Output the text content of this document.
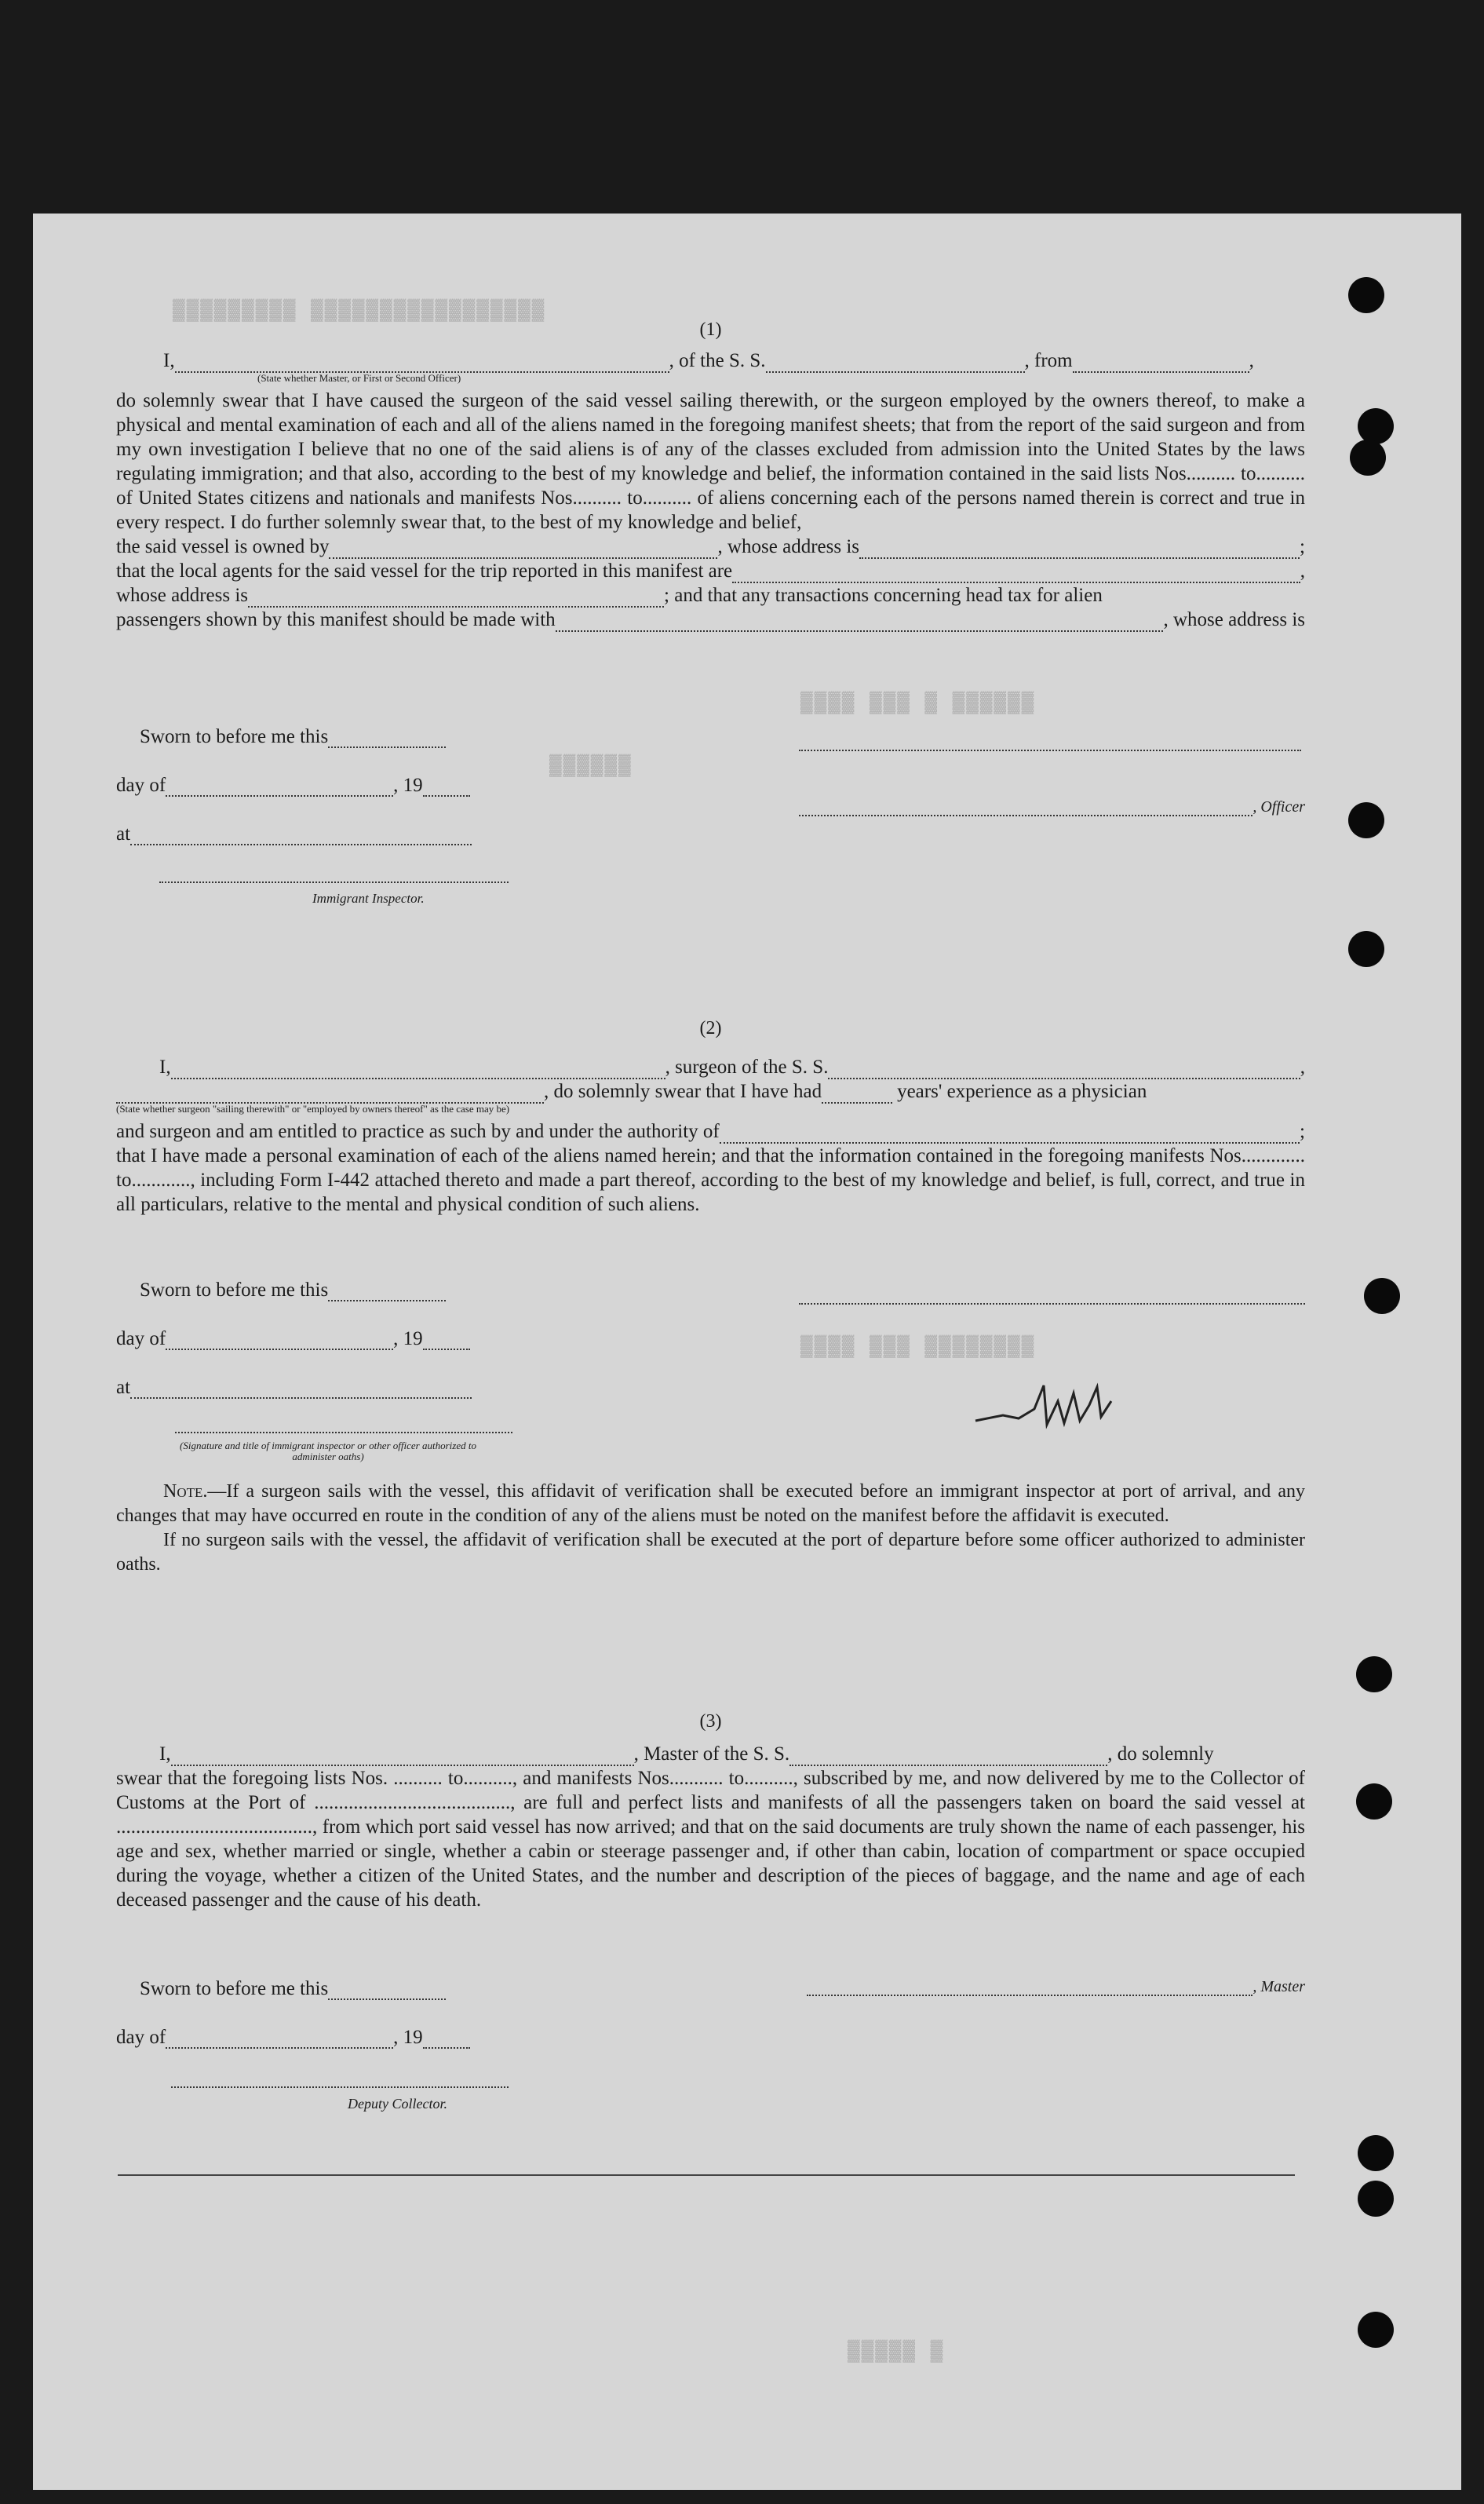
▓▓▓▓▓▓▓▓▓ ▓▓▓▓▓▓▓▓▓▓▓▓▓▓▓▓▓
▓▓▓▓ ▓▓▓ ▓ ▓▓▓▓▓▓
▓▓▓▓▓▓
▓▓▓▓ ▓▓▓ ▓▓▓▓▓▓▓▓
▓▓▓▓▓ ▓

(1)

I,	, of the S. S.	, from	,
(State whether Master, or First or Second Officer)

do solemnly swear that I have caused the surgeon of the said vessel sailing therewith, or the surgeon employed by the owners thereof, to make a physical and mental examination of each and all of the aliens named in the foregoing manifest sheets; that from the report of the said surgeon and from my own investigation I believe that no one of the said aliens is of any of the classes excluded from admission into the United States by the laws regulating immigration; and that also, according to the best of my knowledge and belief, the information contained in the said lists Nos.......... to.......... of United States citizens and nationals and manifests Nos.......... to.......... of aliens concerning each of the persons named therein is correct and true in every respect. I do further solemnly swear that, to the best of my knowledge and belief,

the said vessel is owned by	, whose address is	;
that the local agents for the said vessel for the trip reported in this manifest are	,
whose address is	; and that any transactions concerning head tax for alien
passengers shown by this manifest should be made with	, whose address is
Sworn to before me this
day of	, 19
, Officer
at
Immigrant Inspector.

(2)

I,	, surgeon of the S. S.	,
, do solemnly swear that I have had	years' experience as a physician
(State whether surgeon "sailing therewith" or "employed by owners thereof" as the case may be)
and surgeon and am entitled to practice as such by and under the authority of	;

that I have made a personal examination of each of the aliens named herein; and that the information contained in the foregoing manifests Nos............. to............, including Form I-442 attached thereto and made a part thereof, according to the best of my knowledge and belief, is full, correct, and true in all particulars, relative to the mental and physical condition of such aliens.

Sworn to before me this
day of	, 19
at
(Signature and title of immigrant inspector or other officer authorized to administer oaths)

Note.—If a surgeon sails with the vessel, this affidavit of verification shall be executed before an immigrant inspector at port of arrival, and any changes that may have occurred en route in the condition of any of the aliens must be noted on the manifest before the affidavit is executed.

If no surgeon sails with the vessel, the affidavit of verification shall be executed at the port of departure before some officer authorized to administer oaths.

(3)

I,	, Master of the S. S.	, do solemnly

swear that the foregoing lists Nos. .......... to.........., and manifests Nos........... to.........., subscribed by me, and now delivered by me to the Collector of Customs at the Port of ........................................, are full and perfect lists and manifests of all the passengers taken on board the said vessel at ........................................, from which port said vessel has now arrived; and that on the said documents are truly shown the name of each passenger, his age and sex, whether married or single, whether a cabin or steerage passenger and, if other than cabin, location of compartment or space occupied during the voyage, whether a citizen of the United States, and the number and description of the pieces of baggage, and the name and age of each deceased passenger and the cause of his death.

Sworn to before me this	, Master
day of	, 19
Deputy Collector.
